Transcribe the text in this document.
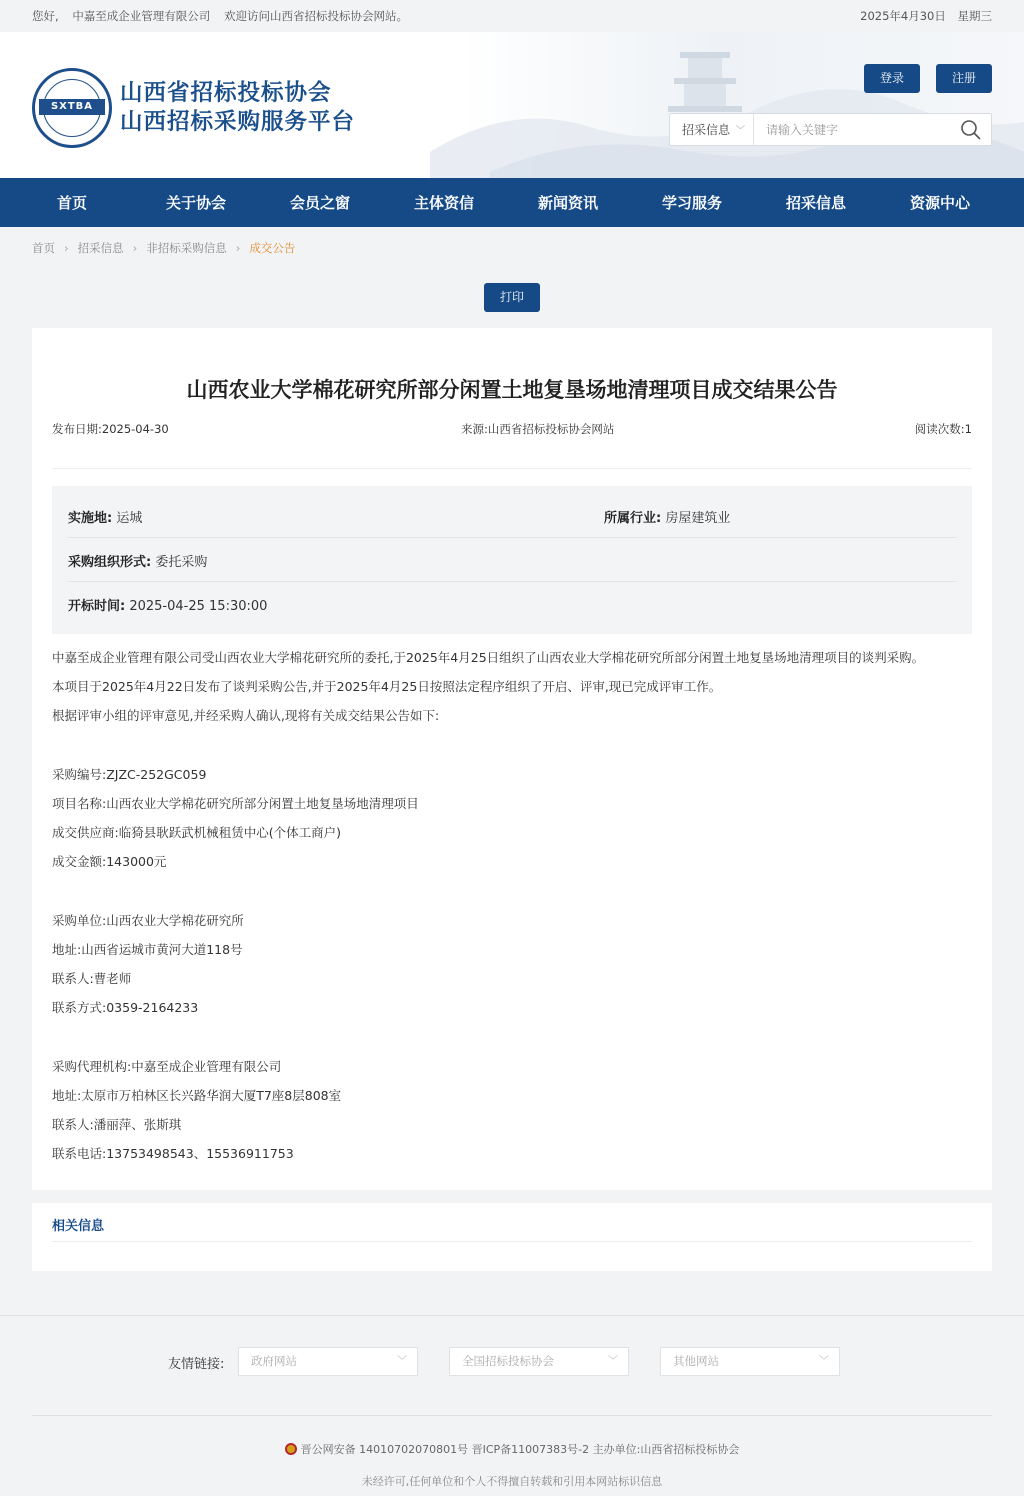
您好, 中嘉至成企业管理有限公司 欢迎访问山西省招标投标协会网站。	2025年4月30日 星期三
SXTBA
山西省招标投标协会
山西招标采购服务平台
登录	注册
招采信息 ﹀	请输入关键字
首页	关于协会	会员之窗	主体资信	新闻资讯	学习服务	招采信息	资源中心
首页 › 招采信息 › 非招标采购信息 › 成交公告
打印
山西农业大学棉花研究所部分闲置土地复垦场地清理项目成交结果公告
发布日期:2025-04-30	来源:山西省招标投标协会网站	阅读次数:1
实施地: 运城	所属行业: 房屋建筑业
采购组织形式: 委托采购
开标时间: 2025-04-25 15:30:00
中嘉至成企业管理有限公司受山西农业大学棉花研究所的委托,于2025年4月25日组织了山西农业大学棉花研究所部分闲置土地复垦场地清理项目的谈判采购。
本项目于2025年4月22日发布了谈判采购公告,并于2025年4月25日按照法定程序组织了开启、评审,现已完成评审工作。
根据评审小组的评审意见,并经采购人确认,现将有关成交结果公告如下:
采购编号:ZJZC-252GC059
项目名称:山西农业大学棉花研究所部分闲置土地复垦场地清理项目
成交供应商:临猗县耿跃武机械租赁中心(个体工商户)
成交金额:143000元
采购单位:山西农业大学棉花研究所
地址:山西省运城市黄河大道118号
联系人:曹老师
联系方式:0359-2164233
采购代理机构:中嘉至成企业管理有限公司
地址:太原市万柏林区长兴路华润大厦T7座8层808室
联系人:潘丽萍、张斯琪
联系电话:13753498543、15536911753
相关信息
友情链接:	政府网站	﹀	全国招标投标协会	﹀	其他网站	﹀
晋公网安备 14010702070801号 晋ICP备11007383号-2 主办单位:山西省招标投标协会
未经许可,任何单位和个人不得擅自转载和引用本网站标识信息
